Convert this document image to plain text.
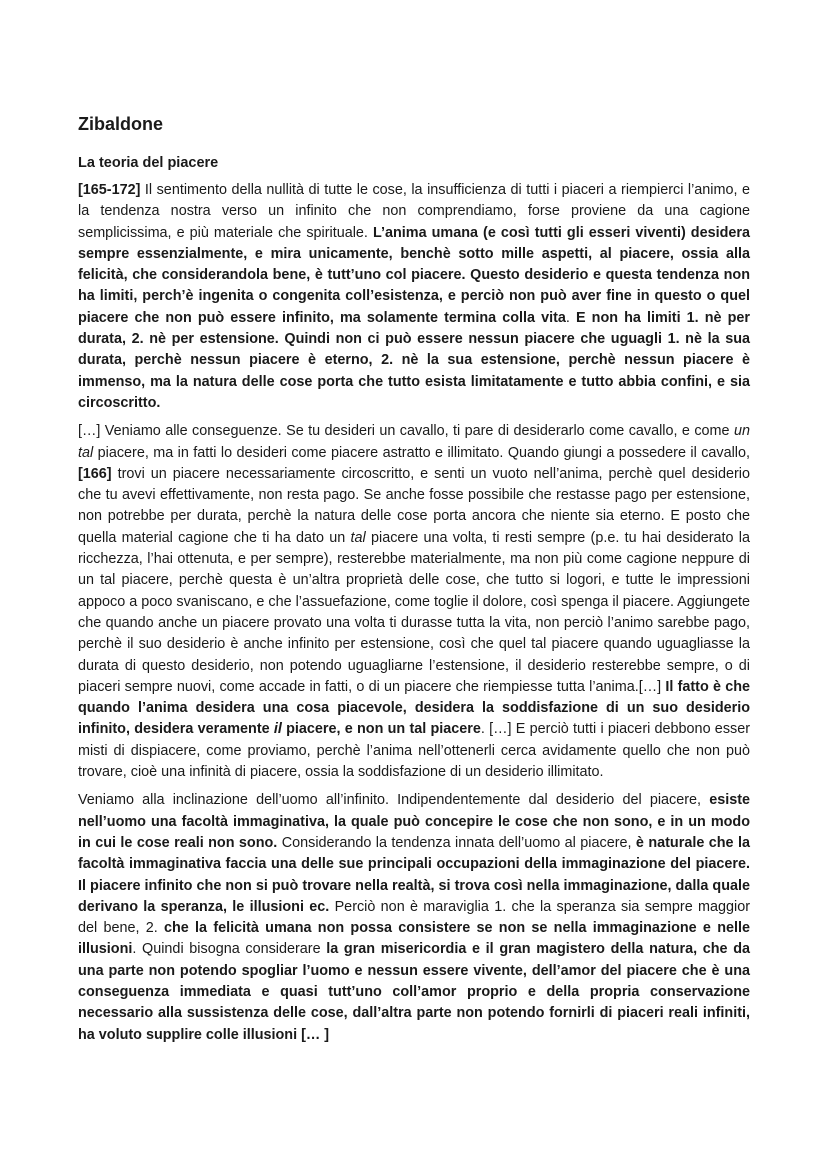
Zibaldone
La teoria del piacere

[165-172] Il sentimento della nullità di tutte le cose, la insufficienza di tutti i piaceri a riempierci l’animo, e la tendenza nostra verso un infinito che non comprendiamo, forse proviene da una cagione semplicissima, e più materiale che spirituale. L’anima umana (e così tutti gli esseri viventi) desidera sempre essenzialmente, e mira unicamente, benchè sotto mille aspetti, al piacere, ossia alla felicità, che considerandola bene, è tutt’uno col piacere. Questo desiderio e questa tendenza non ha limiti, perch’è ingenita o congenita coll’esistenza, e perciò non può aver fine in questo o quel piacere che non può essere infinito, ma solamente termina colla vita. E non ha limiti 1. nè per durata, 2. nè per estensione. Quindi non ci può essere nessun piacere che uguagli 1. nè la sua durata, perchè nessun piacere è eterno, 2. nè la sua estensione, perchè nessun piacere è immenso, ma la natura delle cose porta che tutto esista limitatamente e tutto abbia confini, e sia circoscritto.

[…] Veniamo alle conseguenze. Se tu desideri un cavallo, ti pare di desiderarlo come cavallo, e come un tal piacere, ma in fatti lo desideri come piacere astratto e illimitato. Quando giungi a possedere il cavallo, [166] trovi un piacere necessariamente circoscritto, e senti un vuoto nell’anima, perchè quel desiderio che tu avevi effettivamente, non resta pago. Se anche fosse possibile che restasse pago per estensione, non potrebbe per durata, perchè la natura delle cose porta ancora che niente sia eterno. E posto che quella material cagione che ti ha dato un tal piacere una volta, ti resti sempre (p.e. tu hai desiderato la ricchezza, l’hai ottenuta, e per sempre), resterebbe materialmente, ma non più come cagione neppure di un tal piacere, perchè questa è un’altra proprietà delle cose, che tutto si logori, e tutte le impressioni appoco a poco svaniscano, e che l’assuefazione, come toglie il dolore, così spenga il piacere. Aggiungete che quando anche un piacere provato una volta ti durasse tutta la vita, non perciò l’animo sarebbe pago, perchè il suo desiderio è anche infinito per estensione, così che quel tal piacere quando uguagliasse la durata di questo desiderio, non potendo uguagliarne l’estensione, il desiderio resterebbe sempre, o di piaceri sempre nuovi, come accade in fatti, o di un piacere che riempiesse tutta l’anima.[…] Il fatto è che quando l’anima desidera una cosa piacevole, desidera la soddisfazione di un suo desiderio infinito, desidera veramente il piacere, e non un tal piacere. […] E perciò tutti i piaceri debbono esser misti di dispiacere, come proviamo, perchè l’anima nell’ottenerli cerca avidamente quello che non può trovare, cioè una infinità di piacere, ossia la soddisfazione di un desiderio illimitato.

Veniamo alla inclinazione dell’uomo all’infinito. Indipendentemente dal desiderio del piacere, esiste nell’uomo una facoltà immaginativa, la quale può concepire le cose che non sono, e in un modo in cui le cose reali non sono. Considerando la tendenza innata dell’uomo al piacere, è naturale che la facoltà immaginativa faccia una delle sue principali occupazioni della immaginazione del piacere. Il piacere infinito che non si può trovare nella realtà, si trova così nella immaginazione, dalla quale derivano la speranza, le illusioni ec. Perciò non è maraviglia 1. che la speranza sia sempre maggior del bene, 2. che la felicità umana non possa consistere se non se nella immaginazione e nelle illusioni. Quindi bisogna considerare la gran misericordia e il gran magistero della natura, che da una parte non potendo spogliar l’uomo e nessun essere vivente, dell’amor del piacere che è una conseguenza immediata e quasi tutt’uno coll’amor proprio e della propria conservazione necessario alla sussistenza delle cose, dall’altra parte non potendo fornirli di piaceri reali infiniti, ha voluto supplire colle illusioni [… ]
